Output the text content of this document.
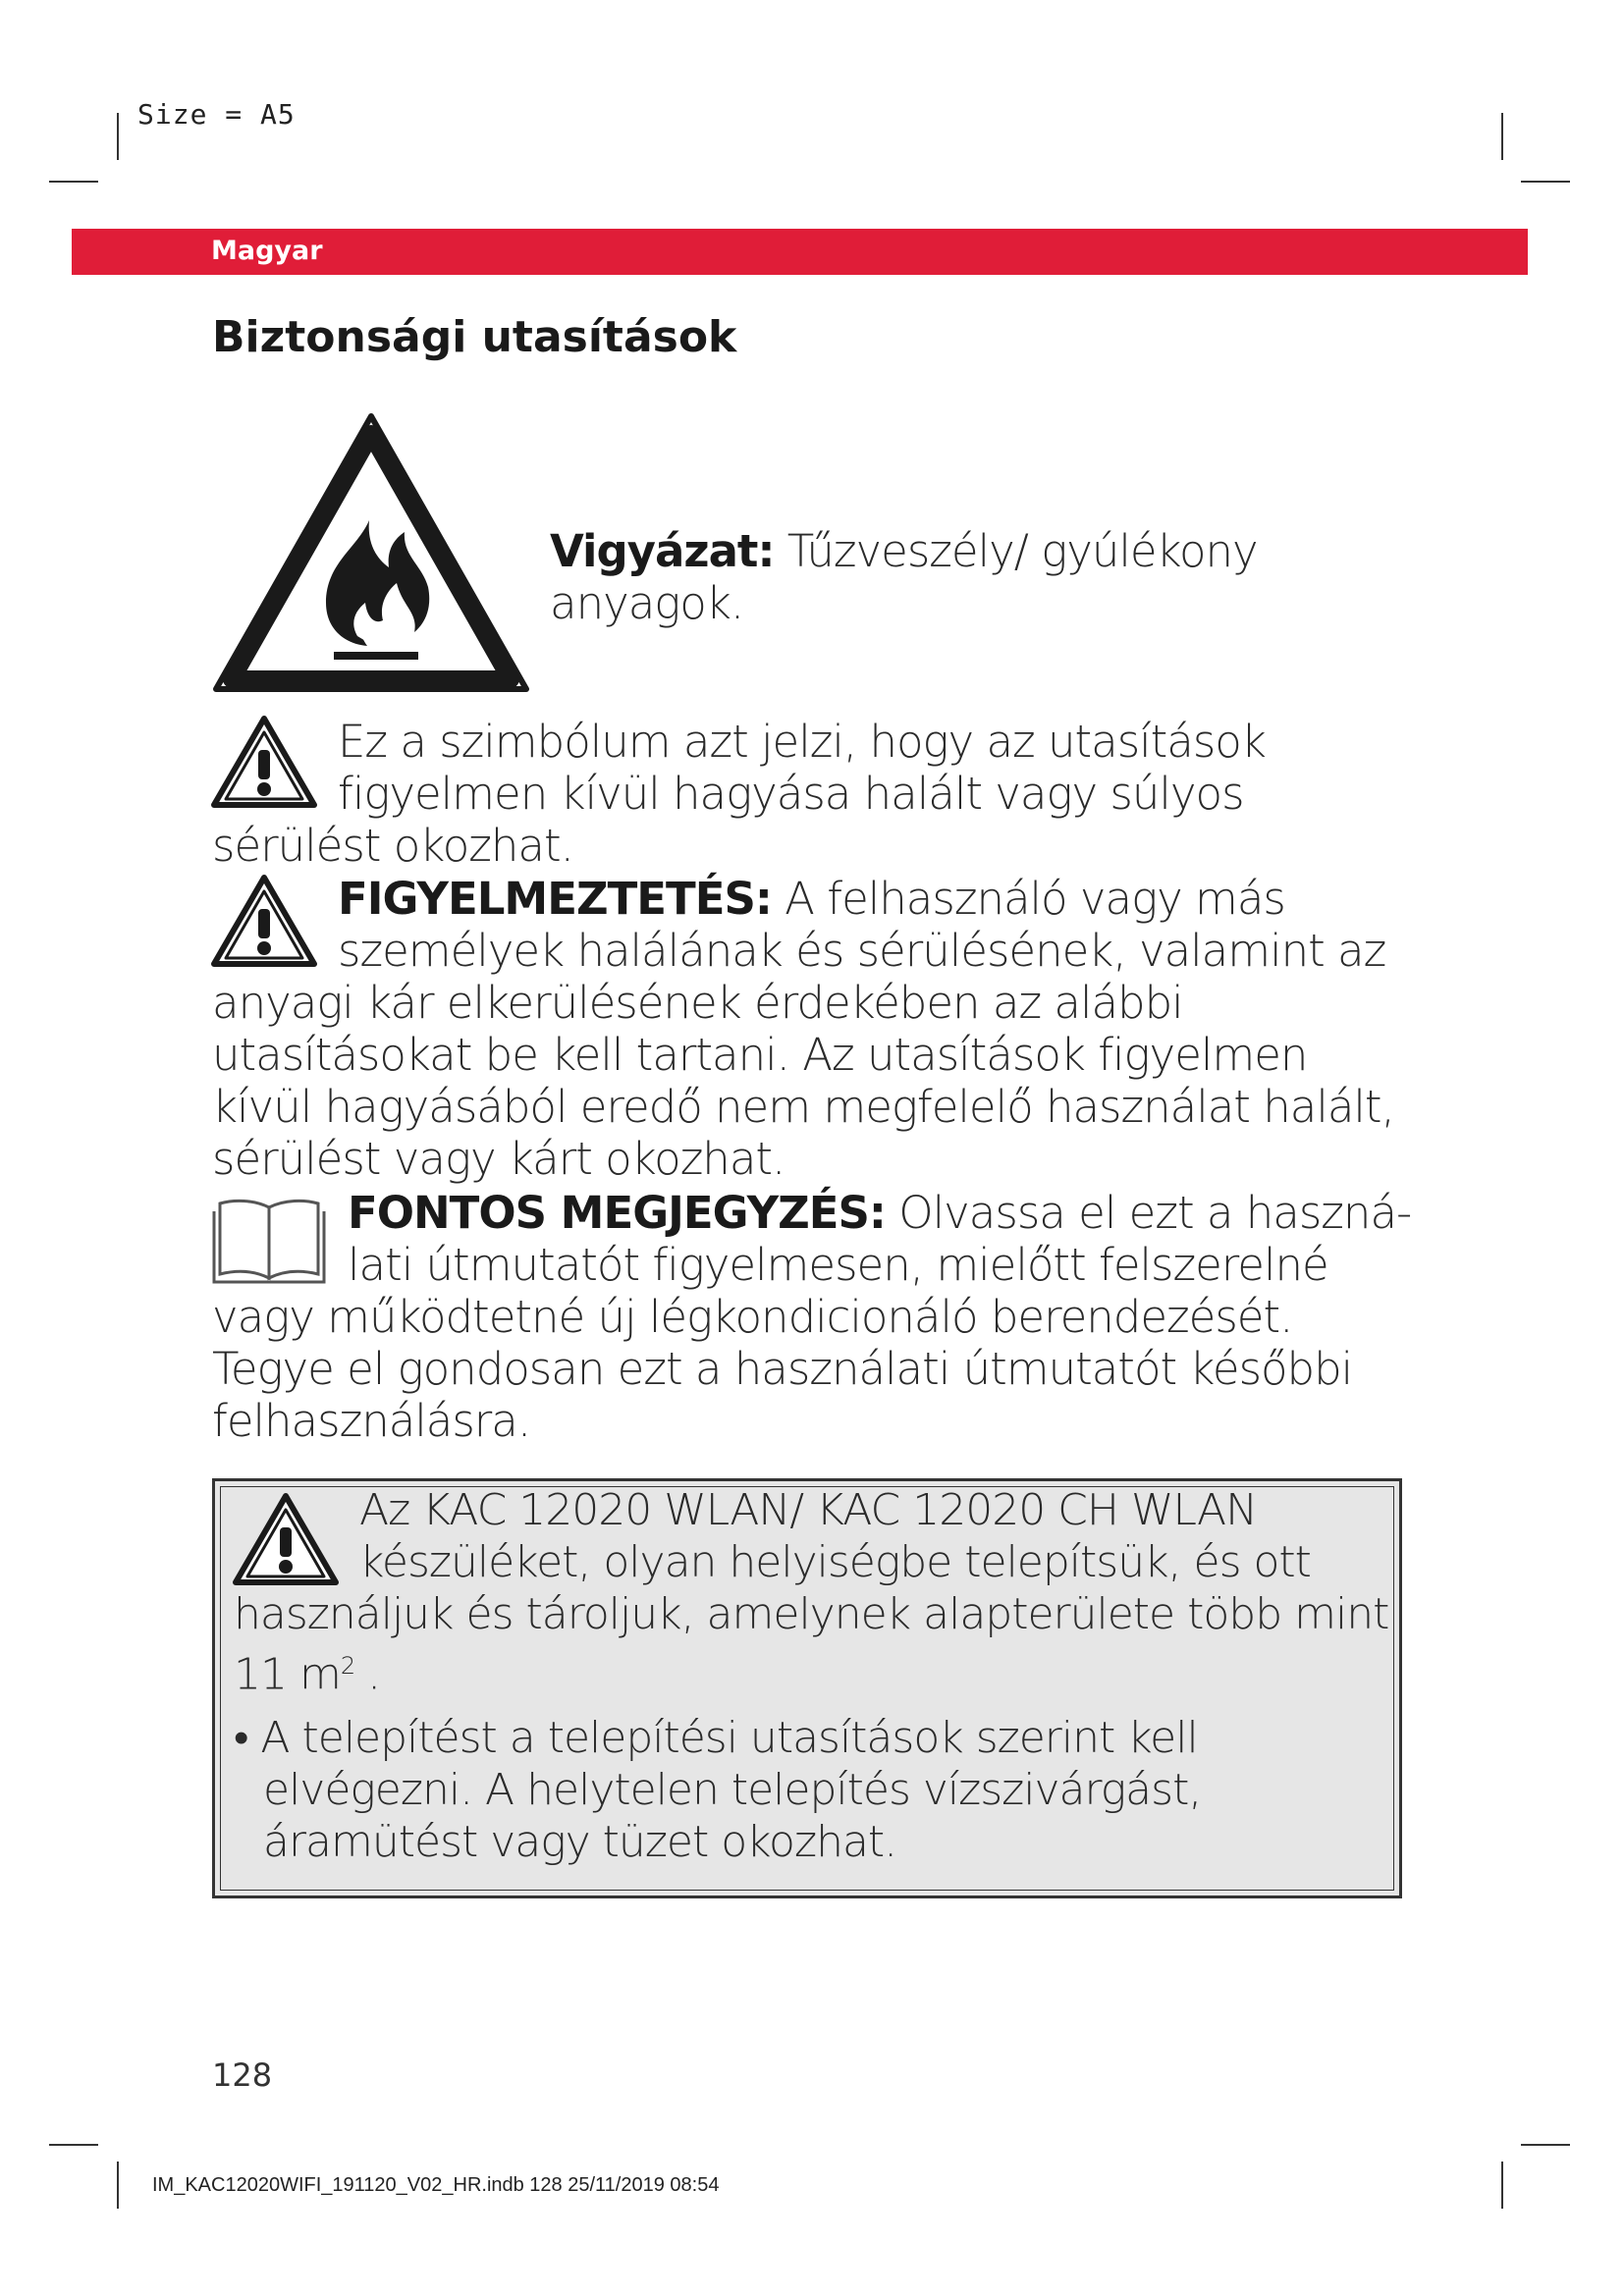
Size = A5
Magyar
Biztonsági utasítások
Vigyázat: Tűzveszély/ gyúlékony
anyagok.
Ez a szimbólum azt jelzi, hogy az utasítások
figyelmen kívül hagyása halált vagy súlyos
sérülést okozhat.
FIGYELMEZTETÉS: A felhasználó vagy más
személyek halálának és sérülésének, valamint az
anyagi kár elkerülésének érdekében az alábbi
utasításokat be kell tartani. Az utasítások figyelmen
kívül hagyásából eredő nem megfelelő használat halált,
sérülést vagy kárt okozhat.
FONTOS MEGJEGYZÉS: Olvassa el ezt a haszná-
lati útmutatót figyelmesen, mielőtt felszerelné
vagy működtetné új légkondicionáló berendezését.
Tegye el gondosan ezt a használati útmutatót későbbi
felhasználásra.
Az KAC 12020 WLAN/ KAC 12020 CH WLAN
készüléket, olyan helyiségbe telepítsük, és ott
használjuk és tároljuk, amelynek alapterülete több mint
11 $m^2$ .
• A telepítést a telepítési utasítások szerint kell
elvégezni. A helytelen telepítés vízszivárgást,
áramütést vagy tüzet okozhat.
128
IM_KAC12020WIFI_191120_V02_HR.indb 128 25/11/2019 08:54
